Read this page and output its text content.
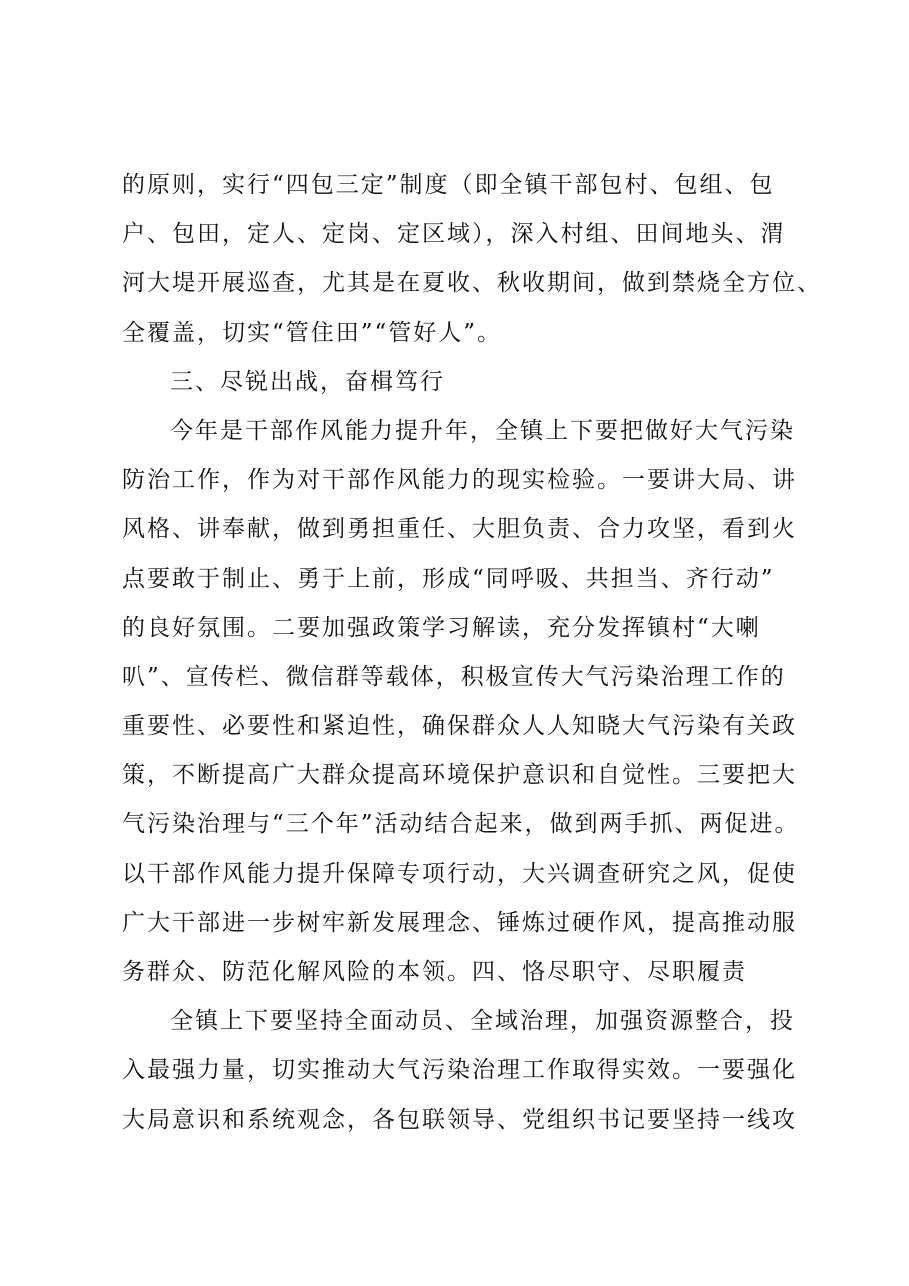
的原则，实行“四包三定”制度（即全镇干部包村、包组、包
户、包田，定人、定岗、定区域），深入村组、田间地头、渭
河大堤开展巡查，尤其是在夏收、秋收期间，做到禁烧全方位、
全覆盖，切实“管住田”“管好人”。
三、尽锐出战，奋楫笃行
今年是干部作风能力提升年，全镇上下要把做好大气污染
防治工作，作为对干部作风能力的现实检验。一要讲大局、讲
风格、讲奉献，做到勇担重任、大胆负责、合力攻坚，看到火
点要敢于制止、勇于上前，形成“同呼吸、共担当、齐行动”
的良好氛围。二要加强政策学习解读，充分发挥镇村“大喇
叭”、宣传栏、微信群等载体，积极宣传大气污染治理工作的
重要性、必要性和紧迫性，确保群众人人知晓大气污染有关政
策，不断提高广大群众提高环境保护意识和自觉性。三要把大
气污染治理与“三个年”活动结合起来，做到两手抓、两促进。
以干部作风能力提升保障专项行动，大兴调查研究之风，促使
广大干部进一步树牢新发展理念、锤炼过硬作风，提高推动服
务群众、防范化解风险的本领。四、恪尽职守、尽职履责
全镇上下要坚持全面动员、全域治理，加强资源整合，投
入最强力量，切实推动大气污染治理工作取得实效。一要强化
大局意识和系统观念，各包联领导、党组织书记要坚持一线攻
